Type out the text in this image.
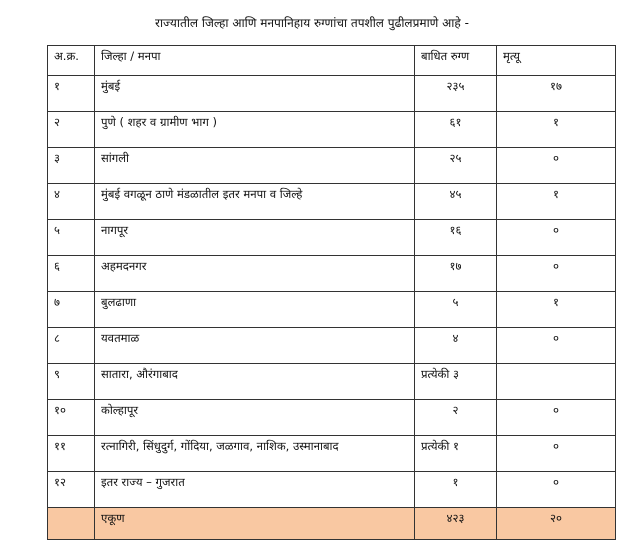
राज्यातील जिल्हा आणि मनपानिहाय रुग्णांचा तपशील पुढीलप्रमाणे आहे -
अ.क्र.	जिल्हा / मनपा	बाधित रुग्ण	मृत्यू
१	मुंबई	२३५	१७
२	पुणे ( शहर व ग्रामीण भाग )	६१	१
३	सांगली	२५	०
४	मुंबई वगळून ठाणे मंडळातील इतर मनपा व जिल्हे	४५	१
५	नागपूर	१६	०
६	अहमदनगर	१७	०
७	बुलढाणा	५	१
८	यवतमाळ	४	०
९	सातारा, औरंगाबाद	प्रत्येकी ३	
१०	कोल्हापूर	२	०
११	रत्नागिरी, सिंधुदुर्ग, गोंदिया, जळगाव, नाशिक, उस्मानाबाद	प्रत्येकी १	०
१२	इतर राज्य – गुजरात	१	०
	एकूण	४२३	२०
